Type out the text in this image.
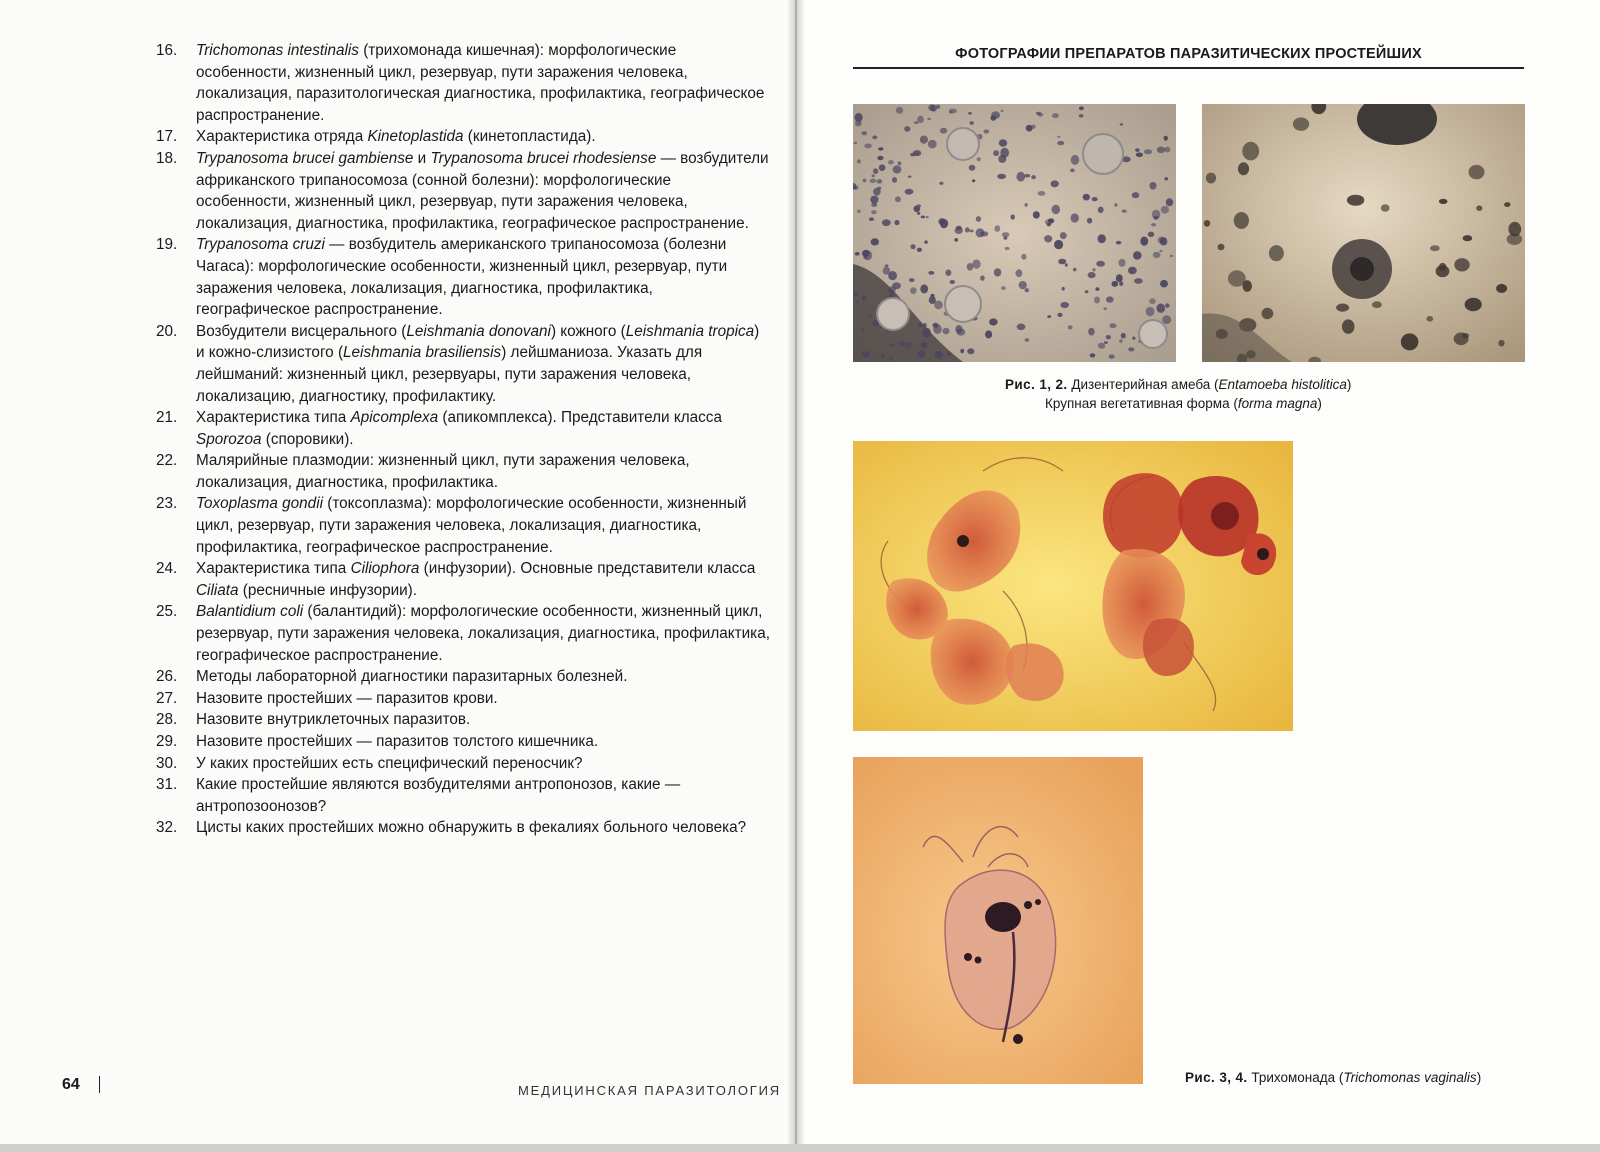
16. Trichomonas intestinalis (трихомонада кишечная): морфологические особенности, жизненный цикл, резервуар, пути заражения человека, локализация, паразитологическая диагностика, профилактика, географическое распространение.
17. Характеристика отряда Kinetoplastida (кинетопластида).
18. Trypanosoma brucei gambiense и Trypanosoma brucei rhodesiense — возбудители африканского трипаносомоза (сонной болезни): морфологические особенности, жизненный цикл, резервуар, пути заражения человека, локализация, диагностика, профилактика, географическое распространение.
19. Trypanosoma cruzi — возбудитель американского трипаносомоза (болезни Чагаса): морфологические особенности, жизненный цикл, резервуар, пути заражения человека, локализация, диагностика, профилактика, географическое распространение.
20. Возбудители висцерального (Leishmania donovani) кожного (Leishmania tropica) и кожно-слизистого (Leishmania brasiliensis) лейшманиоза. Указать для лейшманий: жизненный цикл, резервуары, пути заражения человека, локализацию, диагностику, профилактику.
21. Характеристика типа Apicomplexa (апикомплекса). Представители класса Sporozoa (споровики).
22. Малярийные плазмодии: жизненный цикл, пути заражения человека, локализация, диагностика, профилактика.
23. Toxoplasma gondii (токсоплазма): морфологические особенности, жизненный цикл, резервуар, пути заражения человека, локализация, диагностика, профилактика, географическое распространение.
24. Характеристика типа Ciliophora (инфузории). Основные представители класса Ciliata (ресничные инфузории).
25. Balantidium coli (балантидий): морфологические особенности, жизненный цикл, резервуар, пути заражения человека, локализация, диагностика, профилактика, географическое распространение.
26. Методы лабораторной диагностики паразитарных болезней.
27. Назовите простейших — паразитов крови.
28. Назовите внутриклеточных паразитов.
29. Назовите простейших — паразитов толстого кишечника.
30. У каких простейших есть специфический переносчик?
31. Какие простейшие являются возбудителями антропонозов, какие — антропозоонозов?
32. Цисты каких простейших можно обнаружить в фекалиях больного человека?
64	МЕДИЦИНСКАЯ ПАРАЗИТОЛОГИЯ
ФОТОГРАФИИ ПРЕПАРАТОВ ПАРАЗИТИЧЕСКИХ ПРОСТЕЙШИХ
Рис. 1, 2. Дизентерийная амеба (Entamoeba histolitica)
Крупная вегетативная форма (forma magna)
Рис. 3, 4. Трихомонада (Trichomonas vaginalis)
